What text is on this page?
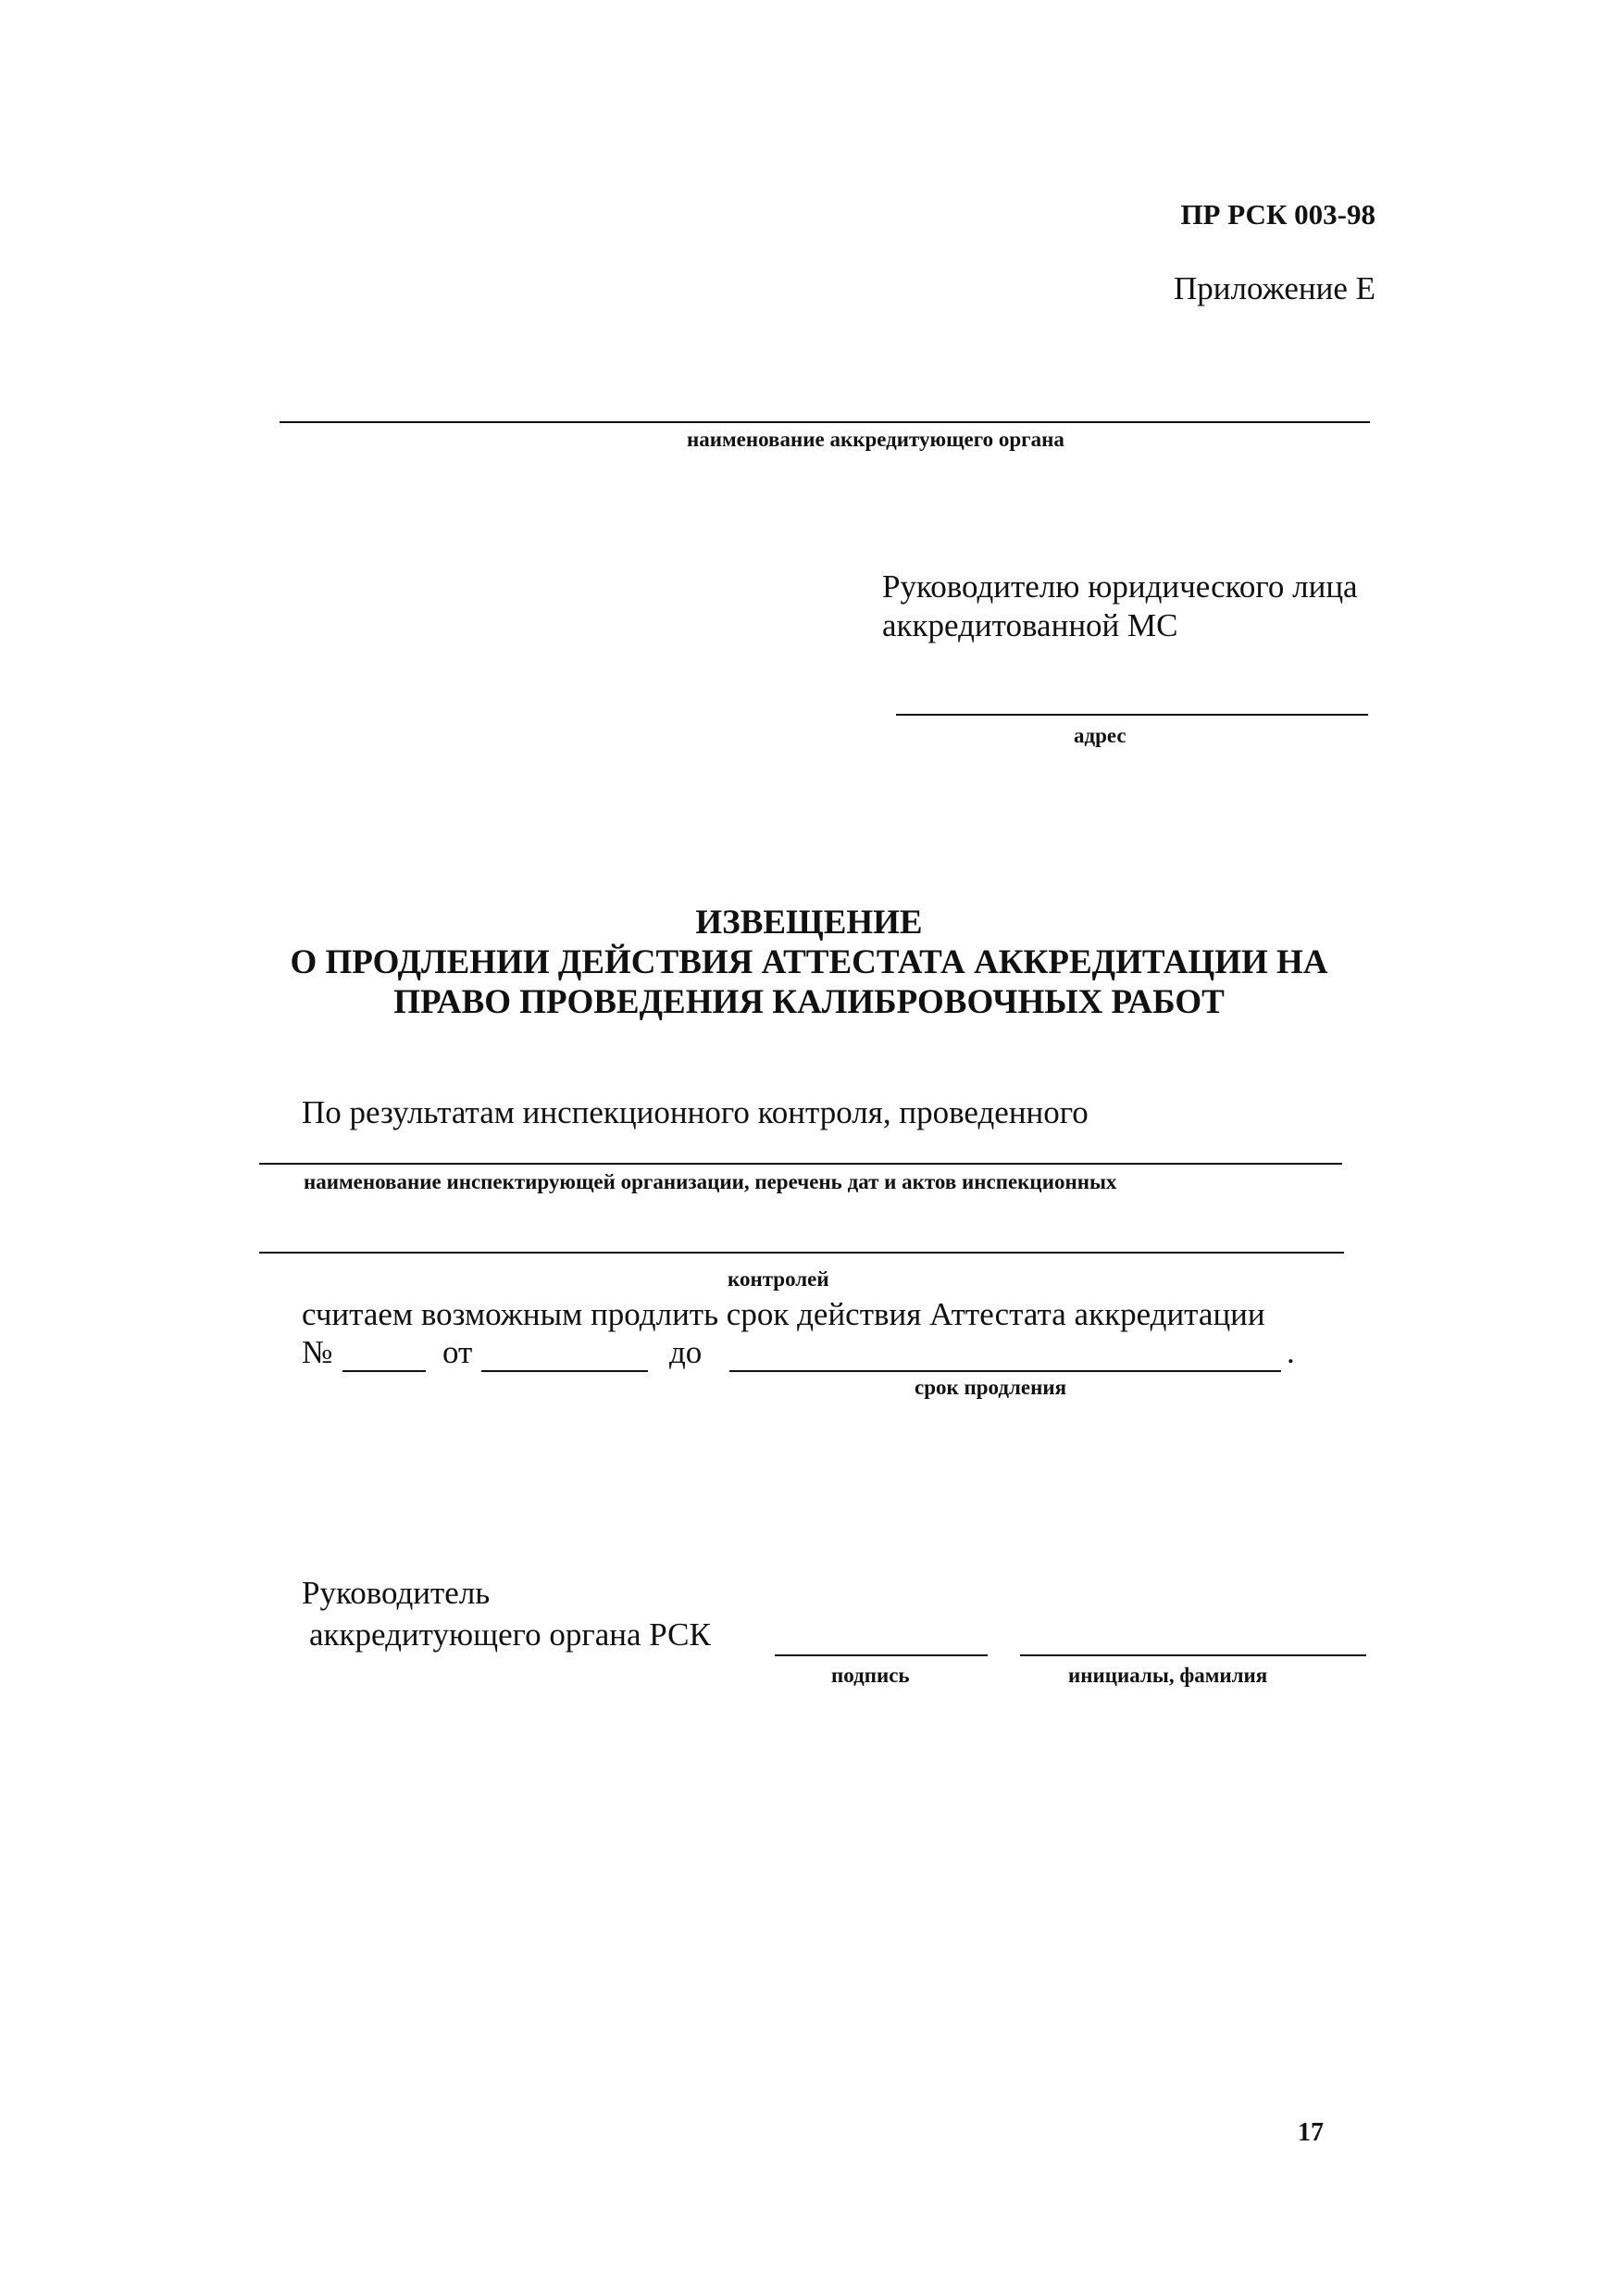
ПР РСК 003-98
Приложение Е
наименование аккредитующего органа
Руководителю юридического лица
аккредитованной МС
адрес
ИЗВЕЩЕНИЕ
О ПРОДЛЕНИИ ДЕЙСТВИЯ АТТЕСТАТА АККРЕДИТАЦИИ НА
ПРАВО ПРОВЕДЕНИЯ КАЛИБРОВОЧНЫХ РАБОТ
По результатам инспекционного контроля, проведенного
наименование инспектирующей организации, перечень дат и актов инспекционных
контролей
считаем возможным продлить срок действия Аттестата аккредитации
№	от	до	.
срок продления
Руководитель
аккредитующего органа РСК
подпись	инициалы, фамилия
17
